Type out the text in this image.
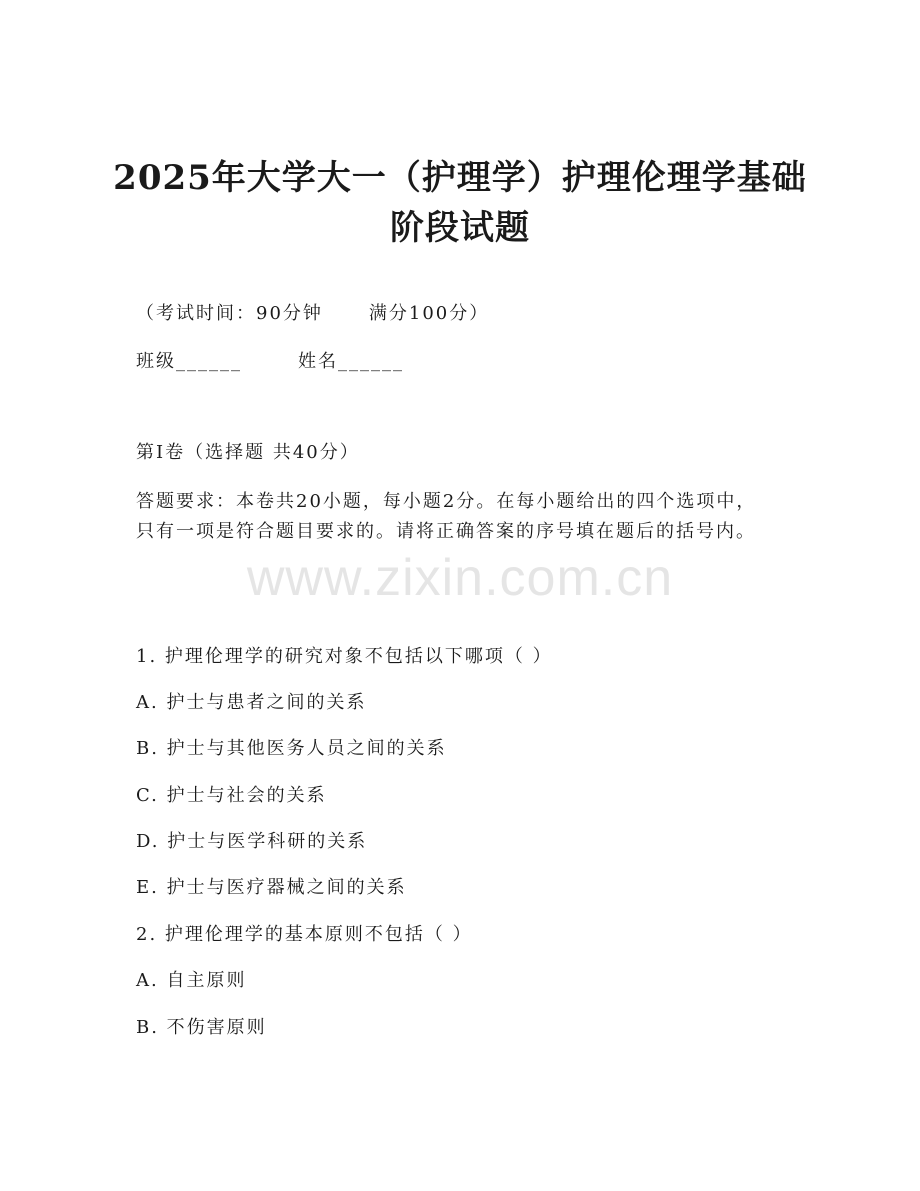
2025年大学大一（护理学）护理伦理学基础
阶段试题
（考试时间：90分钟	满分100分）
班级______	姓名______
第I卷（选择题 共40分）
答题要求：本卷共20小题，每小题2分。在每小题给出的四个选项中，只有一项是符合题目要求的。请将正确答案的序号填在题后的括号内。
www.zixin.com.cn
1. 护理伦理学的研究对象不包括以下哪项（ ）
A. 护士与患者之间的关系
B. 护士与其他医务人员之间的关系
C. 护士与社会的关系
D. 护士与医学科研的关系
E. 护士与医疗器械之间的关系
2. 护理伦理学的基本原则不包括（ ）
A. 自主原则
B. 不伤害原则
